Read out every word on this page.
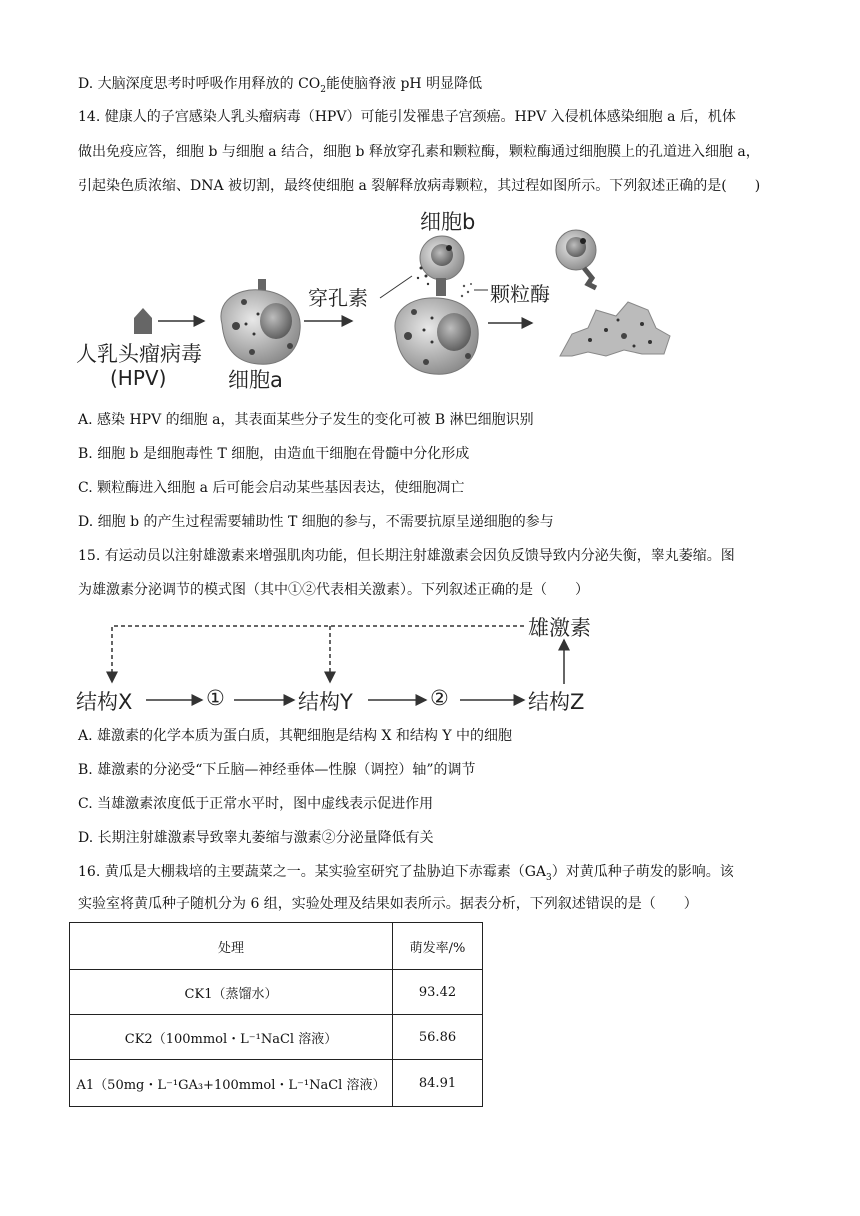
D. 大脑深度思考时呼吸作用释放的 $CO_2$能使脑脊液 pH 明显降低
14. 健康人的子宫感染人乳头瘤病毒（HPV）可能引发罹患子宫颈癌。HPV 入侵机体感染细胞 a 后，机体
做出免疫应答，细胞 b 与细胞 a 结合，细胞 b 释放穿孔素和颗粒酶，颗粒酶通过细胞膜上的孔道进入细胞 a，
引起染色质浓缩、DNA 被切割，最终使细胞 a 裂解释放病毒颗粒，其过程如图所示。下列叙述正确的是(　　)
人乳头瘤病毒
(HPV)	细胞a
细胞b
穿孔素	颗粒酶
A. 感染 HPV 的细胞 a，其表面某些分子发生的变化可被 B 淋巴细胞识别
B. 细胞 b 是细胞毒性 T 细胞，由造血干细胞在骨髓中分化形成
C. 颗粒酶进入细胞 a 后可能会启动某些基因表达，使细胞凋亡
D. 细胞 b 的产生过程需要辅助性 T 细胞的参与，不需要抗原呈递细胞的参与
15. 有运动员以注射雄激素来增强肌肉功能，但长期注射雄激素会因负反馈导致内分泌失衡，睾丸萎缩。图
为雄激素分泌调节的模式图（其中①②代表相关激素）。下列叙述正确的是（　　）
结构X	①	结构Y	②	结构Z
雄激素
A. 雄激素的化学本质为蛋白质，其靶细胞是结构 X 和结构 Y 中的细胞
B. 雄激素的分泌受“下丘脑—神经垂体—性腺（调控）轴”的调节
C. 当雄激素浓度低于正常水平时，图中虚线表示促进作用
D. 长期注射雄激素导致睾丸萎缩与激素②分泌量降低有关
16. 黄瓜是大棚栽培的主要蔬菜之一。某实验室研究了盐胁迫下赤霉素$(GA_3)$对黄瓜种子萌发的影响。该
实验室将黄瓜种子随机分为 6 组，实验处理及结果如表所示。据表分析，下列叙述错误的是（　　）
处理	萌发率/%
CK1（蒸馏水）	93.42
CK2（100mmol・L⁻¹NaCl 溶液）	56.86
A1（50mg・L⁻¹GA₃+100mmol・L⁻¹NaCl 溶液）	84.91
